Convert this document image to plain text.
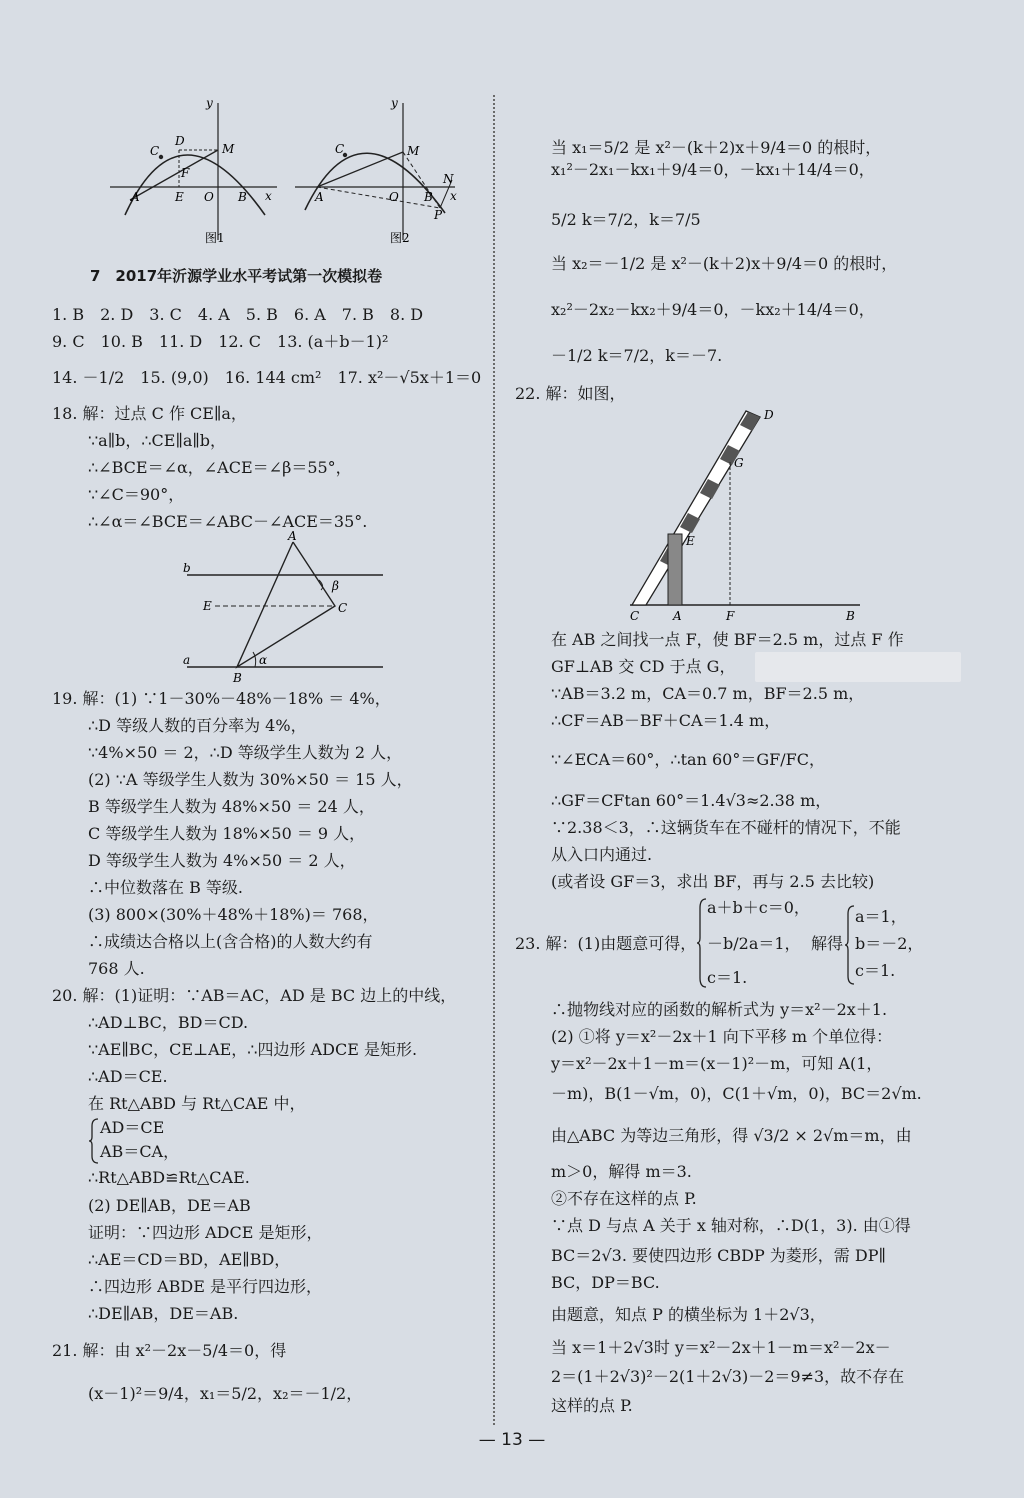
y
x
C
D
M
F
A	E O B
图1
y
x
C	M
N
A	O B
P
图2
7　2017年沂源学业水平考试第一次模拟卷
1. B　2. D　3. C　4. A　5. B　6. A　7. B　8. D
9. C　10. B　11. D　12. C　13. (a＋b－1)²
14. －1/2　15. (9,0)　16. 144 cm²　17. x²－√5x＋1＝0
18. 解：过点 C 作 CE∥a，
∵a∥b，∴CE∥a∥b，
∴∠BCE＝∠α，∠ACE＝∠β＝55°，
∵∠C＝90°，
∴∠α＝∠BCE＝∠ABC－∠ACE＝35°.
19. 解：(1) ∵1－30%－48%－18% ＝ 4%，
∴D 等级人数的百分率为 4%，
∵4%×50 ＝ 2，∴D 等级学生人数为 2 人，
(2) ∵A 等级学生人数为 30%×50 ＝ 15 人，
B 等级学生人数为 48%×50 ＝ 24 人，
C 等级学生人数为 18%×50 ＝ 9 人，
D 等级学生人数为 4%×50 ＝ 2 人，
∴中位数落在 B 等级.
(3) 800×(30%＋48%＋18%)＝ 768，
∴成绩达合格以上(含合格)的人数大约有
768 人.
20. 解：(1)证明：∵AB＝AC，AD 是 BC 边上的中线，
∴AD⊥BC，BD＝CD.
∵AE∥BC，CE⊥AE，∴四边形 ADCE 是矩形.
∴AD＝CE.
在 Rt△ABD 与 Rt△CAE 中，
AD＝CE
AB＝CA，
∴Rt△ABD≌Rt△CAE.
(2) DE∥AB，DE＝AB
证明：∵四边形 ADCE 是矩形，
∴AE＝CD＝BD，AE∥BD，
∴四边形 ABDE 是平行四边形，
∴DE∥AB，DE＝AB.
21. 解：由 x²－2x－5/4＝0，得
(x－1)²＝9/4，x₁＝5/2，x₂＝－1/2，
A
b
β
E	C
a	α
B
当 x₁＝5/2 是 x²－(k＋2)x＋9/4＝0 的根时，
x₁²－2x₁－kx₁＋9/4＝0，－kx₁＋14/4＝0，
5/2 k＝7/2，k＝7/5
当 x₂＝－1/2 是 x²－(k＋2)x＋9/4＝0 的根时，
x₂²－2x₂－kx₂＋9/4＝0，－kx₂＋14/4＝0，
－1/2 k＝7/2，k＝－7.
22. 解：如图，
在 AB 之间找一点 F，使 BF＝2.5 m，过点 F 作
GF⊥AB 交 CD 于点 G，
∵AB＝3.2 m，CA＝0.7 m，BF＝2.5 m，
∴CF＝AB－BF＋CA＝1.4 m，
∵∠ECA＝60°，∴tan 60°＝GF/FC，
∴GF＝CFtan 60°＝1.4√3≈2.38 m，
∵2.38＜3，∴这辆货车在不碰杆的情况下，不能
从入口内通过.
(或者设 GF＝3，求出 BF，再与 2.5 去比较)
23. 解：(1)由题意可得，
a＋b＋c＝0，
－b/2a＝1，
c＝1.
解得
a＝1，
b＝－2，
c＝1.
∴抛物线对应的函数的解析式为 y＝x²－2x＋1.
(2) ①将 y＝x²－2x＋1 向下平移 m 个单位得：
y＝x²－2x＋1－m＝(x－1)²－m，可知 A(1，
－m)，B(1－√m，0)，C(1＋√m，0)，BC＝2√m.
由△ABC 为等边三角形，得 √3/2 × 2√m＝m，由
m＞0，解得 m＝3.
②不存在这样的点 P.
∵点 D 与点 A 关于 x 轴对称，∴D(1，3). 由①得
BC＝2√3. 要使四边形 CBDP 为菱形，需 DP∥
BC，DP＝BC.
由题意，知点 P 的横坐标为 1＋2√3，
当 x＝1＋2√3时 y＝x²－2x＋1－m＝x²－2x－
2＝(1＋2√3)²－2(1＋2√3)－2＝9≠3，故不存在
这样的点 P.
D
G
E
C	A	F	B
— 13 —
